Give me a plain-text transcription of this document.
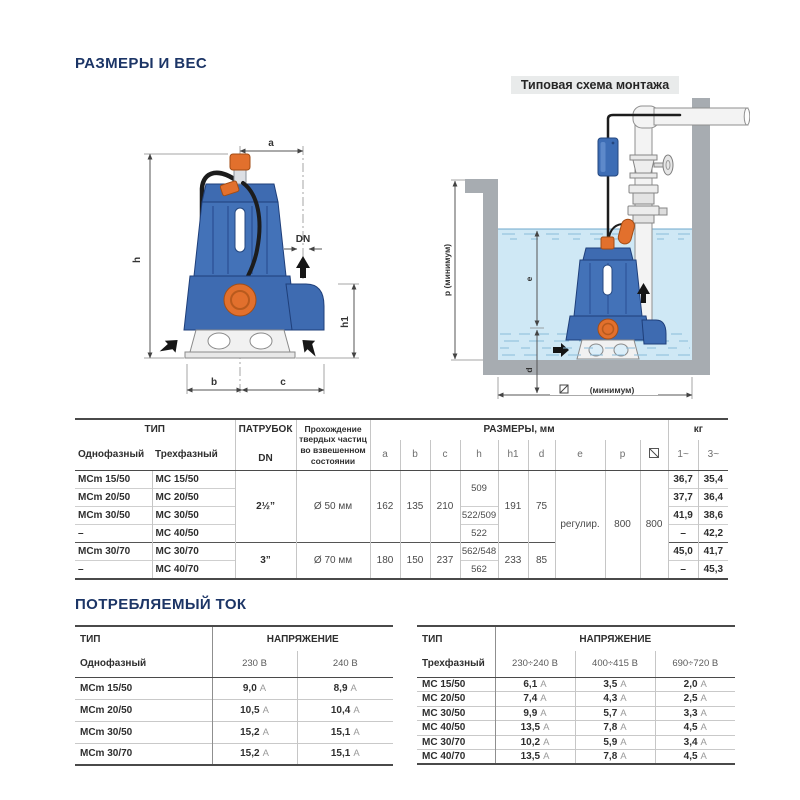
РАЗМЕРЫ И ВЕС
a
h
DN
h1
b	c
Типовая схема монтажа
р (минимум)	e
d
(минимум)
ТИП		ПАТРУБОК
DN	Прохождение твердых частиц во взвешенном состоянии	РАЗМЕРЫ, мм									кг	
Однофазный	Трехфазный			a	b	c	h	h1	d	e	p		1~	3~
MCm 15/50	MC 15/50	2½”	Ø 50 мм	162	135	210	509	191	75	регулир.	800	800	36,7	35,4
MCm 20/50	MC 20/50												37,7	36,4
MCm 30/50	MC 30/50						522/509						41,9	38,6
–	MC 40/50						522						–	42,2
MCm 30/70	MC 30/70	3”	Ø 70 мм	180	150	237	562/548	233	85				45,0	41,7
–	MC 40/70						562						–	45,3
ПОТРЕБЛЯЕМЫЙ ТОК
ТИП	НАПРЯЖЕНИЕ	
Однофазный	230 В	240 В
MCm 15/50	9,0 A	8,9 A
MCm 20/50	10,5 A	10,4 A
MCm 30/50	15,2 A	15,1 A
MCm 30/70	15,2 A	15,1 A
ТИП	НАПРЯЖЕНИЕ		
Трехфазный	230÷240 В	400÷415 В	690÷720 В
MC 15/50	6,1 A	3,5 A	2,0 A
MC 20/50	7,4 A	4,3 A	2,5 A
MC 30/50	9,9 A	5,7 A	3,3 A
MC 40/50	13,5 A	7,8 A	4,5 A
MC 30/70	10,2 A	5,9 A	3,4 A
MC 40/70	13,5 A	7,8 A	4,5 A
